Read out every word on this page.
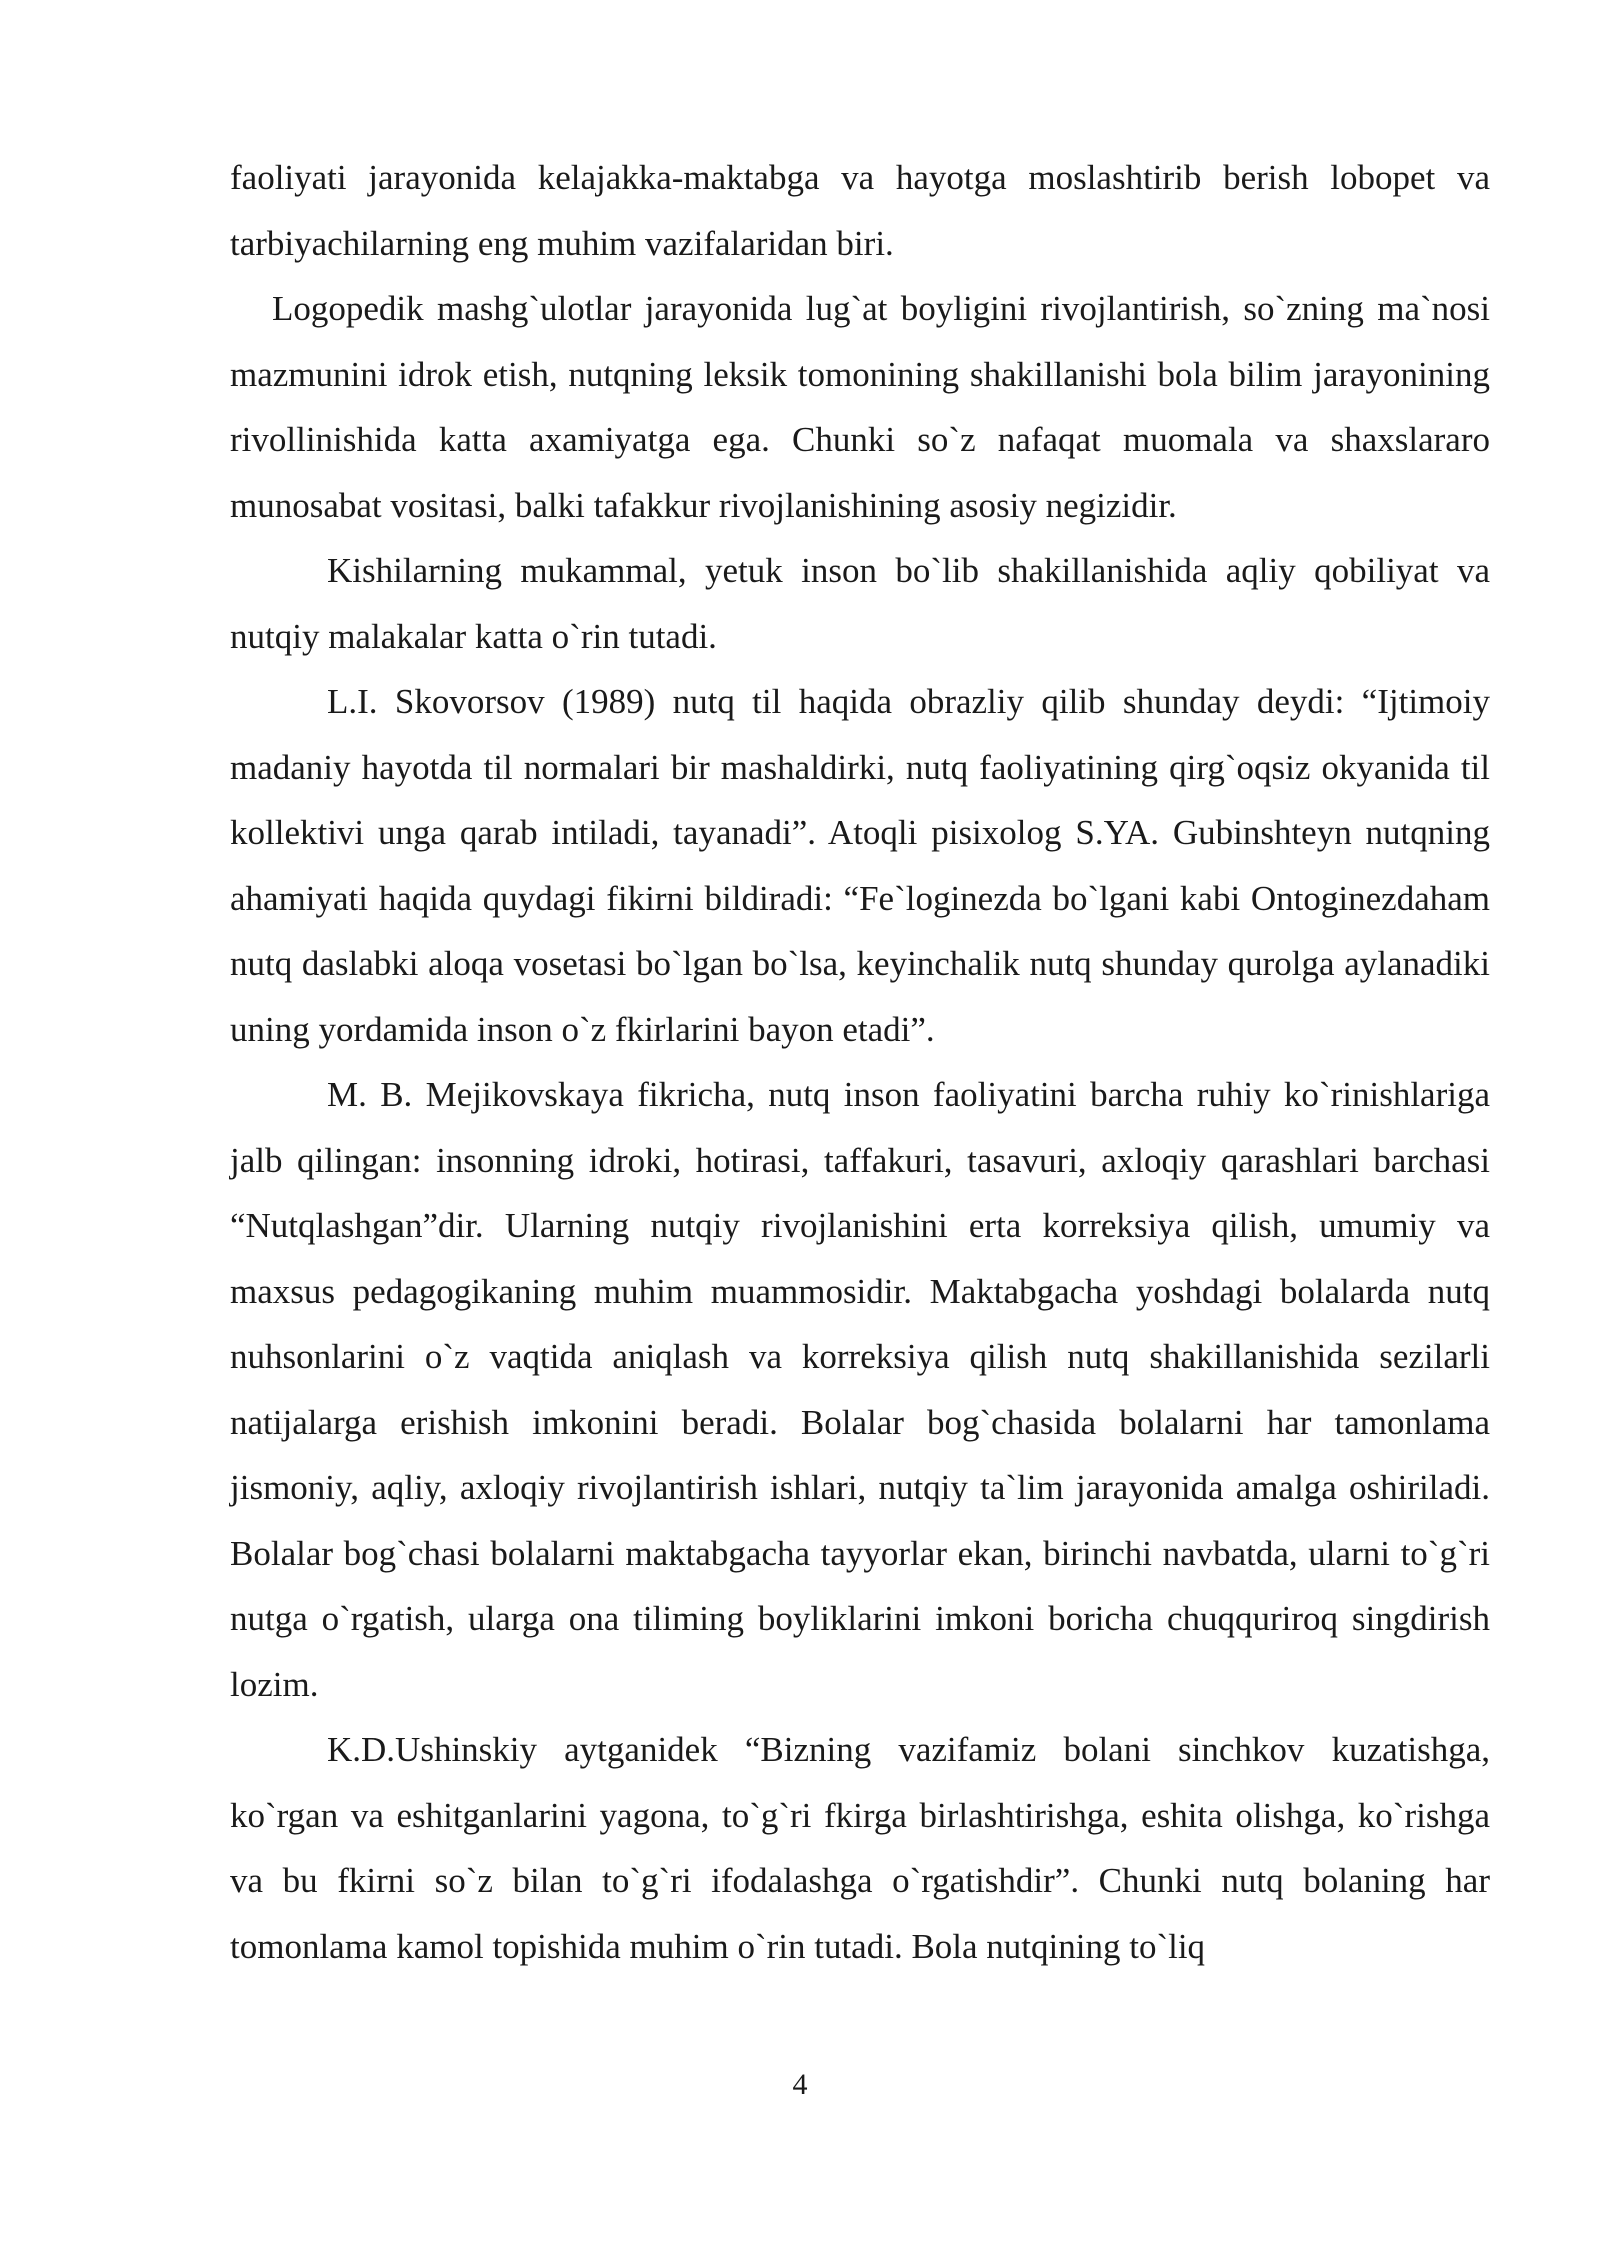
faoliyati jarayonida kelajakka-maktabga va hayotga moslashtirib berish lobopet va tarbiyachilarning eng muhim vazifalaridan biri.

Logopedik mashg`ulotlar jarayonida lug`at boyligini rivojlantirish, so`zning ma`nosi mazmunini idrok etish, nutqning leksik tomonining shakillanishi bola bilim jarayonining rivollinishida katta axamiyatga ega. Chunki so`z nafaqat muomala va shaxslararo munosabat vositasi, balki tafakkur rivojlanishining asosiy negizidir.

Kishilarning mukammal, yetuk inson bo`lib shakillanishida aqliy qobiliyat va nutqiy malakalar katta o`rin tutadi.

L.I. Skovorsov (1989) nutq til haqida obrazliy qilib shunday deydi: “Ijtimoiy madaniy hayotda til normalari bir mashaldirki, nutq faoliyatining qirg`oqsiz okyanida til kollektivi unga qarab intiladi, tayanadi”. Atoqli pisixolog S.YA. Gubinshteyn nutqning ahamiyati haqida quydagi fikirni bildiradi: “Fe`loginezda bo`lgani kabi Ontoginezdaham nutq daslabki aloqa vosetasi bo`lgan bo`lsa, keyinchalik nutq shunday qurolga aylanadiki uning yordamida inson o`z fkirlarini bayon etadi”.

M. B. Mejikovskaya fikricha, nutq inson faoliyatini barcha ruhiy ko`rinishlariga jalb qilingan: insonning idroki, hotirasi, taffakuri, tasavuri, axloqiy qarashlari barchasi “Nutqlashgan”dir. Ularning nutqiy rivojlanishini erta korreksiya qilish, umumiy va maxsus pedagogikaning muhim muammosidir. Maktabgacha yoshdagi bolalarda nutq nuhsonlarini o`z vaqtida aniqlash va korreksiya qilish nutq shakillanishida sezilarli natijalarga erishish imkonini beradi. Bolalar bog`chasida bolalarni har tamonlama jismoniy, aqliy, axloqiy rivojlantirish ishlari, nutqiy ta`lim jarayonida amalga oshiriladi. Bolalar bog`chasi bolalarni maktabgacha tayyorlar ekan, birinchi navbatda, ularni to`g`ri nutga o`rgatish, ularga ona tiliming boyliklarini imkoni boricha chuqquriroq singdirish lozim.

K.D.Ushinskiy aytganidek “Bizning vazifamiz bolani sinchkov kuzatishga, ko`rgan va eshitganlarini yagona, to`g`ri fkirga birlashtirishga, eshita olishga, ko`rishga va bu fkirni so`z bilan to`g`ri ifodalashga o`rgatishdir”. Chunki nutq bolaning har tomonlama kamol topishida muhim o`rin tutadi. Bola nutqining to`liq

4
